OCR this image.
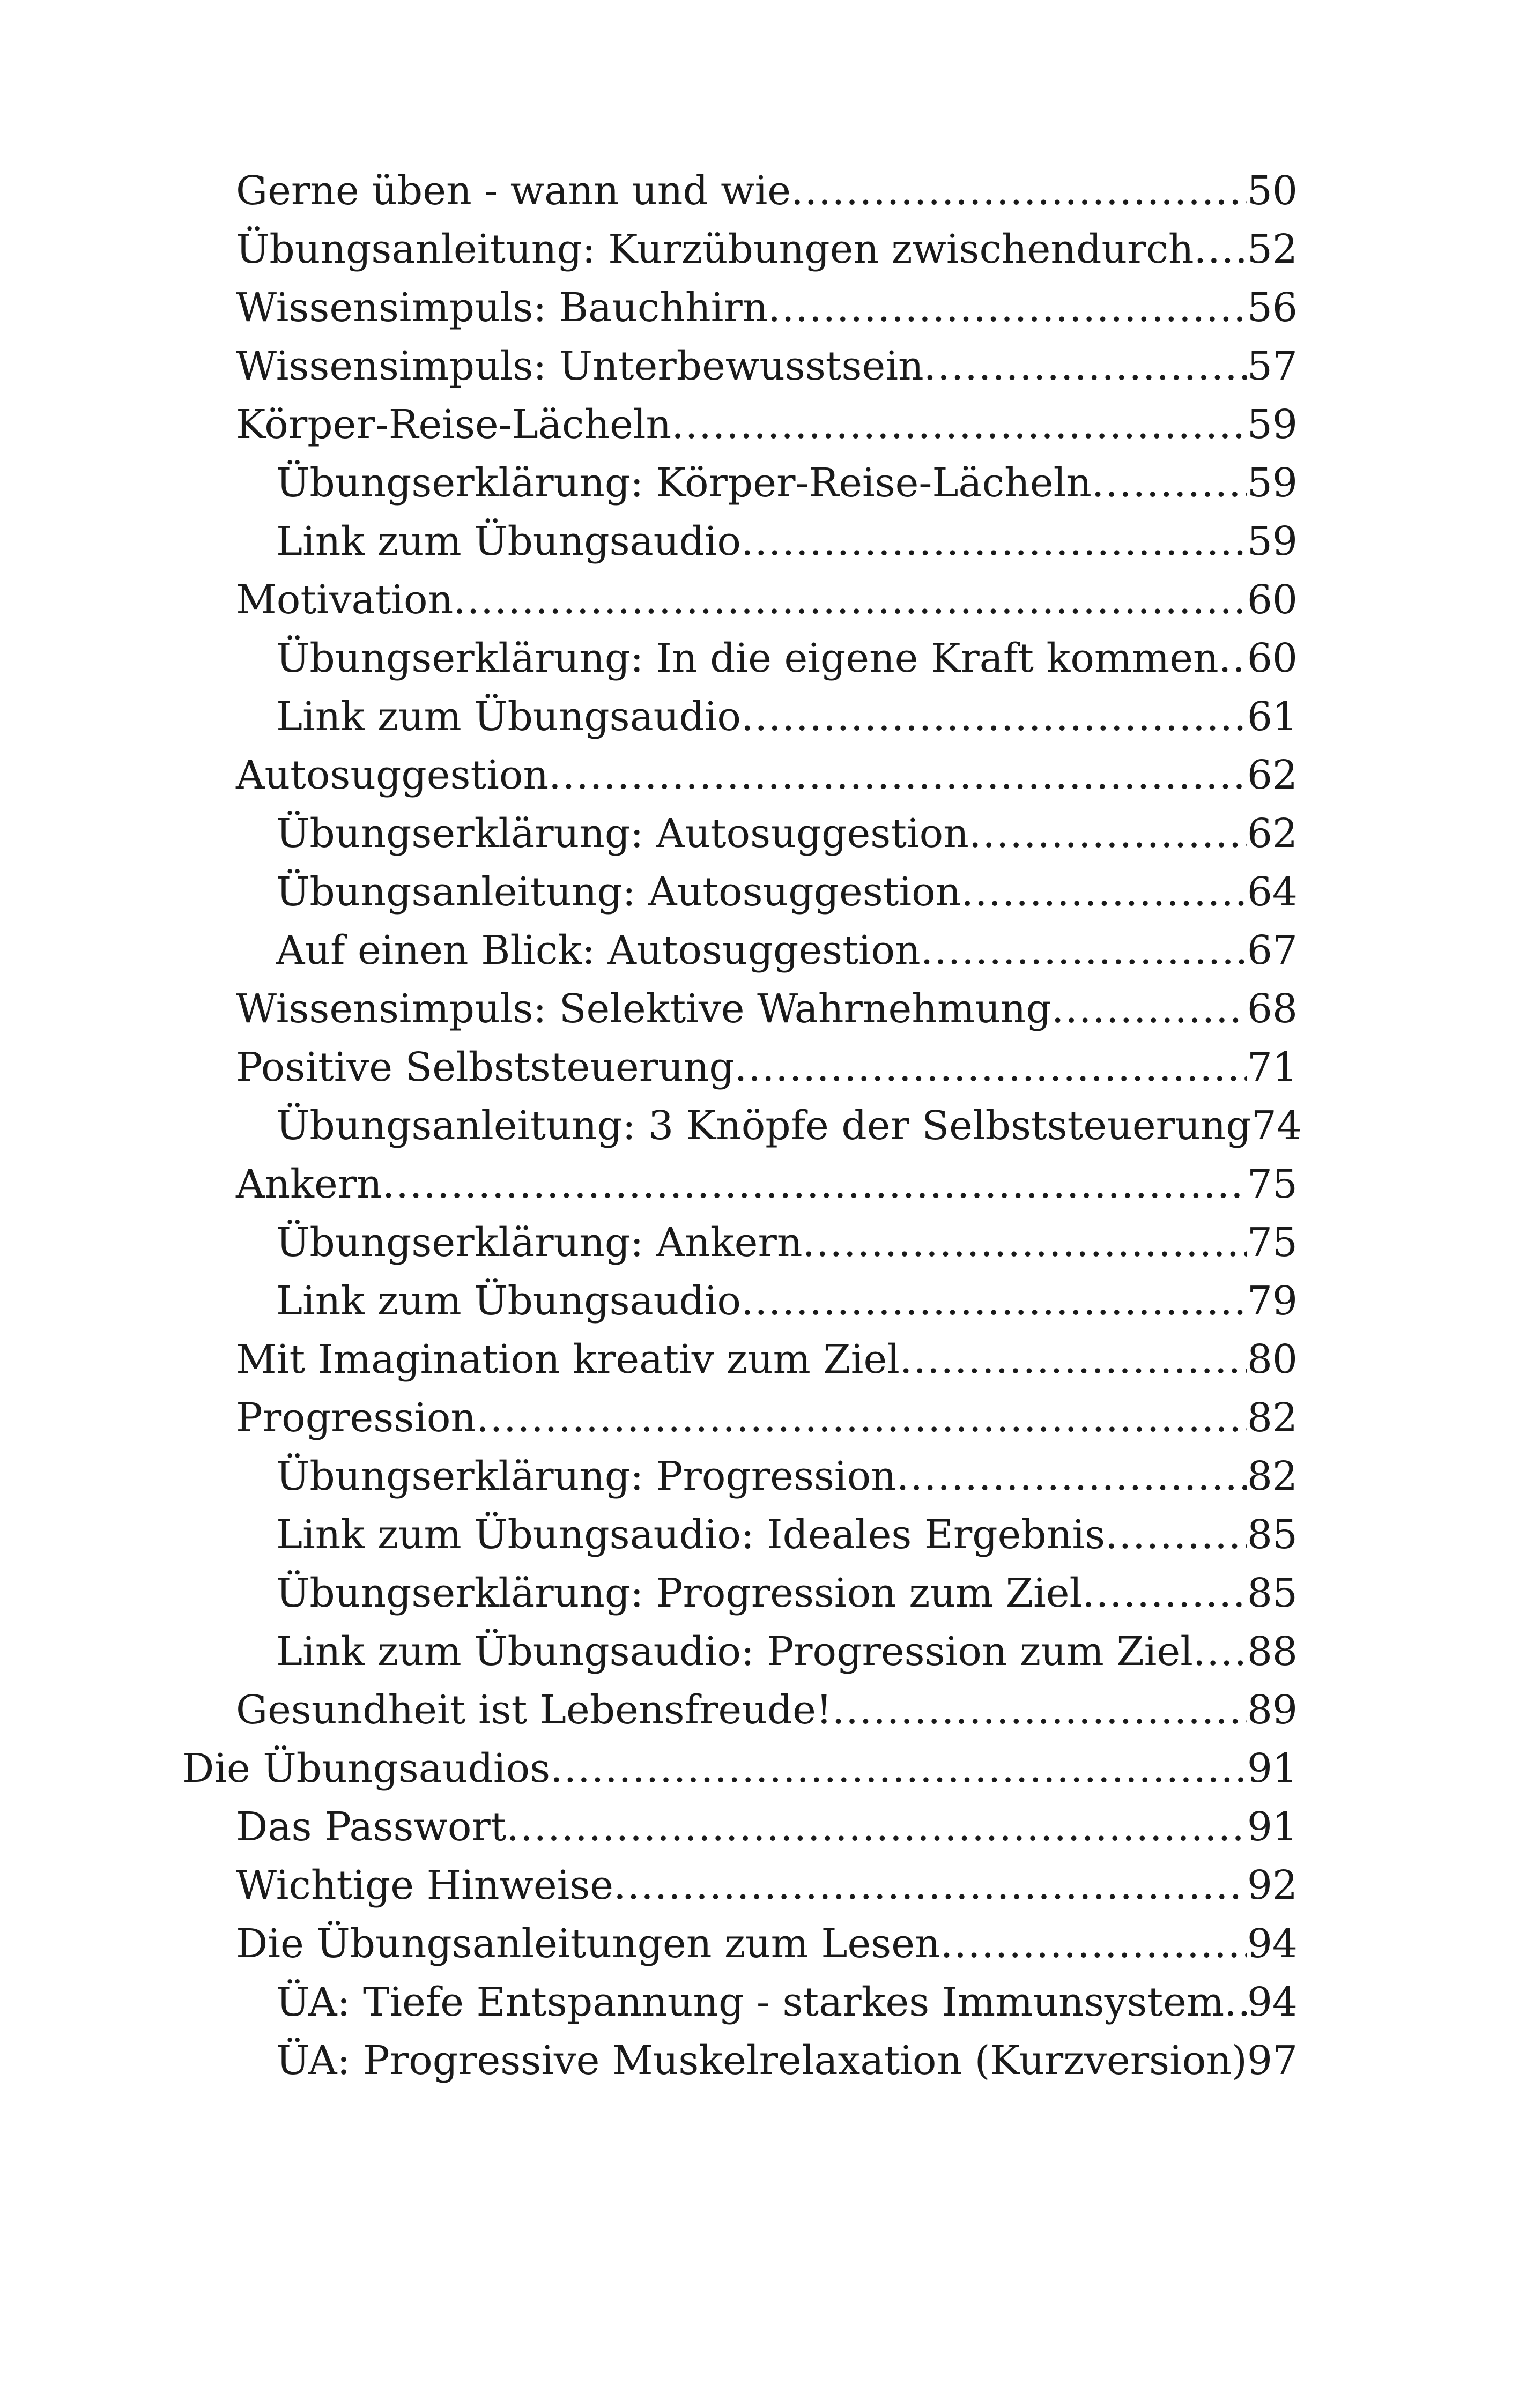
Gerne üben - wann und wie .....	50
Übungsanleitung: Kurzübungen zwischendurch ..... 52
Wissensimpuls: Bauchhirn .....	56
Wissensimpuls: Unterbewusstsein .....	57
Körper-Reise-Lächeln .....	59
Übungserklärung: Körper-Reise-Lächeln .....	59
Link zum Übungsaudio .....	59
Motivation .....	60
Übungserklärung: In die eigene Kraft kommen ..... 60
Link zum Übungsaudio .....	61
Autosuggestion .....	62
Übungserklärung: Autosuggestion .....	62
Übungsanleitung: Autosuggestion .....	64
Auf einen Blick: Autosuggestion .....	67
Wissensimpuls: Selektive Wahrnehmung .....	68
Positive Selbststeuerung .....	71
Übungsanleitung: 3 Knöpfe der Selbststeuerung 74
Ankern .....	75
Übungserklärung: Ankern .....	75
Link zum Übungsaudio .....	79
Mit Imagination kreativ zum Ziel .....	80
Progression .....	82
Übungserklärung: Progression .....	82
Link zum Übungsaudio: Ideales Ergebnis .....	85
Übungserklärung: Progression zum Ziel .....	85
Link zum Übungsaudio: Progression zum Ziel ..... 88
Gesundheit ist Lebensfreude! .....	89
Die Übungsaudios .....	91
Das Passwort .....	91
Wichtige Hinweise .....	92
Die Übungsanleitungen zum Lesen .....	94
ÜA: Tiefe Entspannung - starkes Immunsystem ..... 94
ÜA: Progressive Muskelrelaxation (Kurzversion) 97
